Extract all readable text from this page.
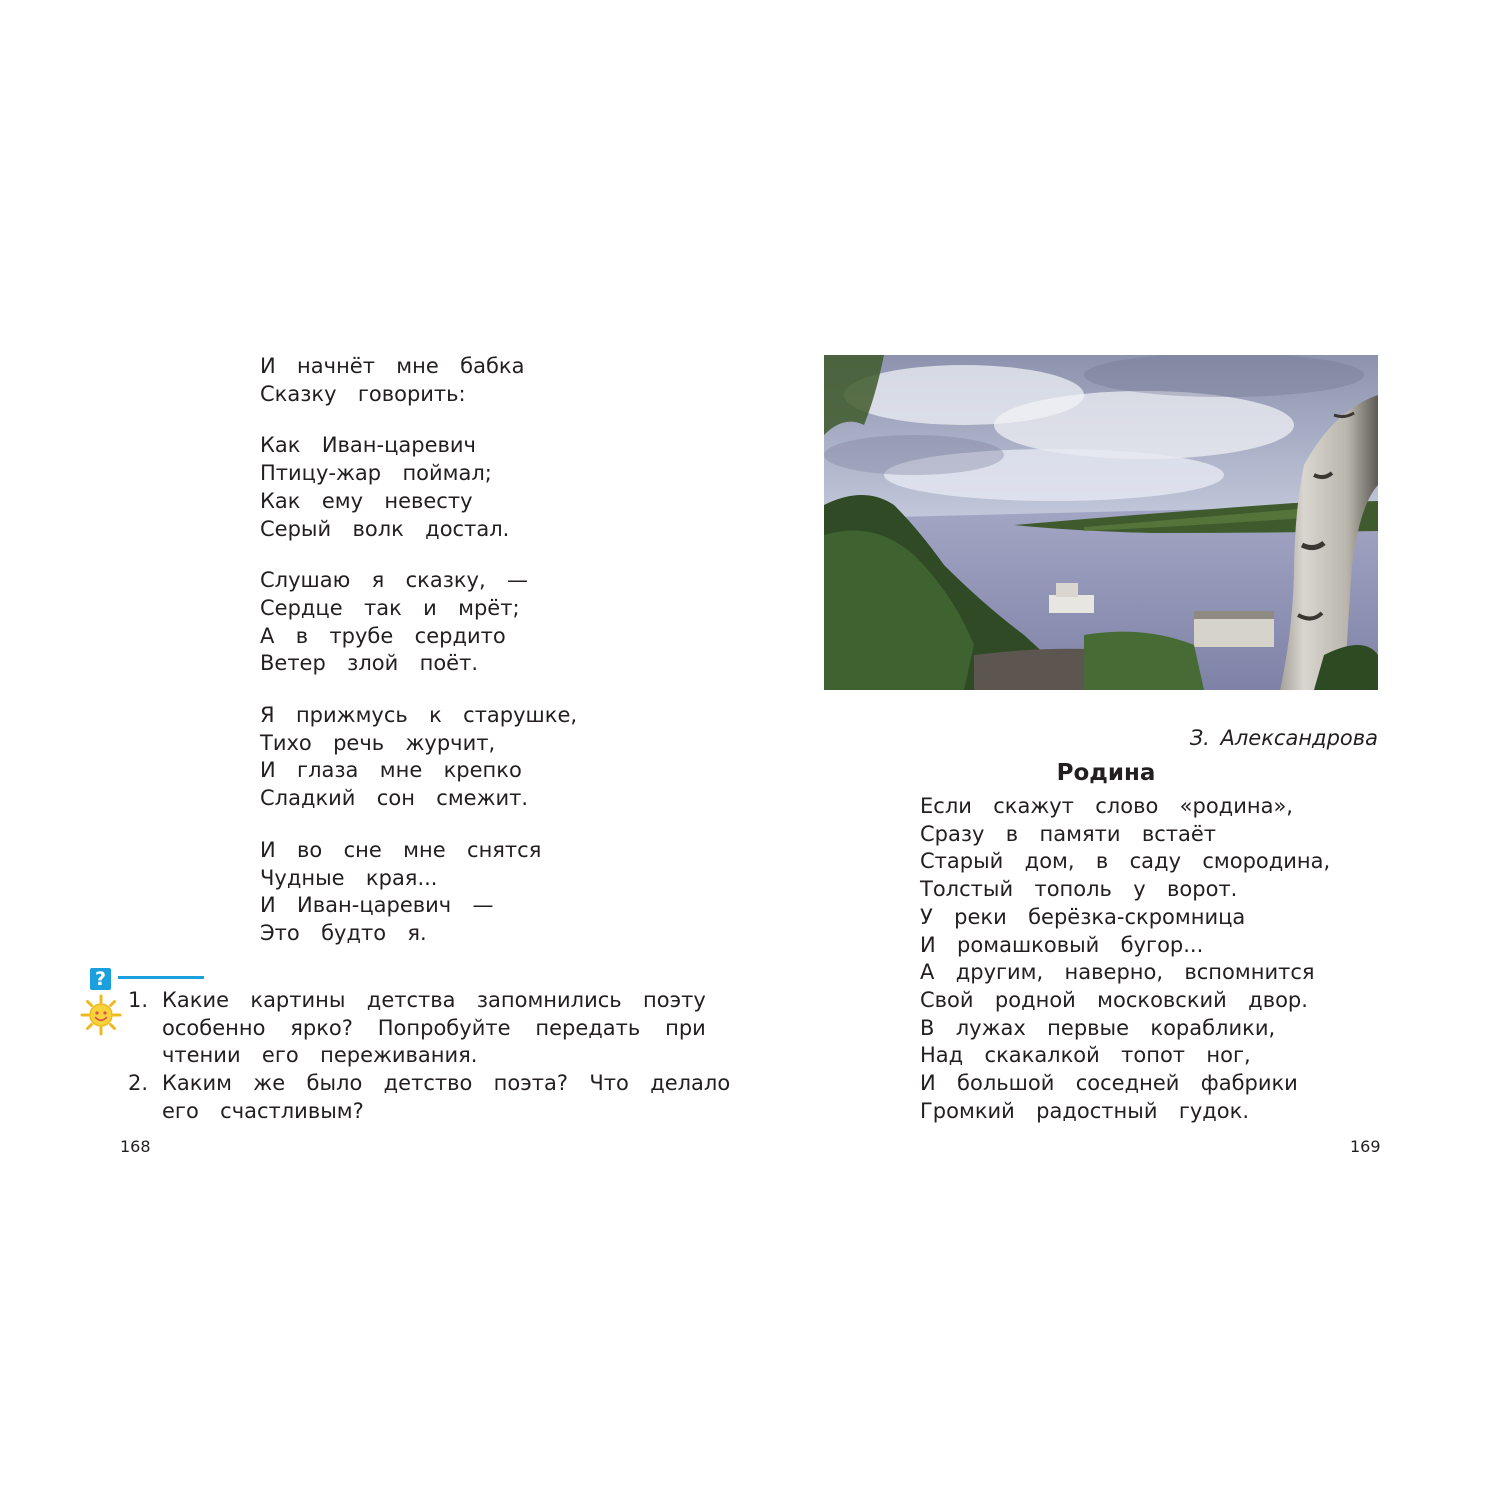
И  начнёт  мне  бабка
Сказку  говорить:
Как  Иван-царевич
Птицу-жар  поймал;
Как  ему  невесту
Серый  волк  достал.
Слушаю  я  сказку,  —
Сердце  так  и  мрёт;
А  в  трубе  сердито
Ветер  злой  поёт.
Я  прижмусь  к  старушке,
Тихо  речь  журчит,
И  глаза  мне  крепко
Сладкий  сон  смежит.
И  во  сне  мне  снятся
Чудные  края...
И  Иван-царевич  —
Это  будто  я.
?
1. Какие  картины  детства  запомнились  поэту
особенно  ярко?  Попробуйте  передать  при
чтении  его  переживания.
2. Каким  же  было  детство  поэта?  Что  делало
его  счастливым?
168
З. Александрова
Родина
Если  скажут  слово  «родина»,
Сразу  в  памяти  встаёт
Старый  дом,  в  саду  смородина,
Толстый  тополь  у  ворот.
У  реки  берёзка-скромница
И  ромашковый  бугор...
А  другим,  наверно,  вспомнится
Свой  родной  московский  двор.
В  лужах  первые  кораблики,
Над  скакалкой  топот  ног,
И  большой  соседней  фабрики
Громкий  радостный  гудок.
169
